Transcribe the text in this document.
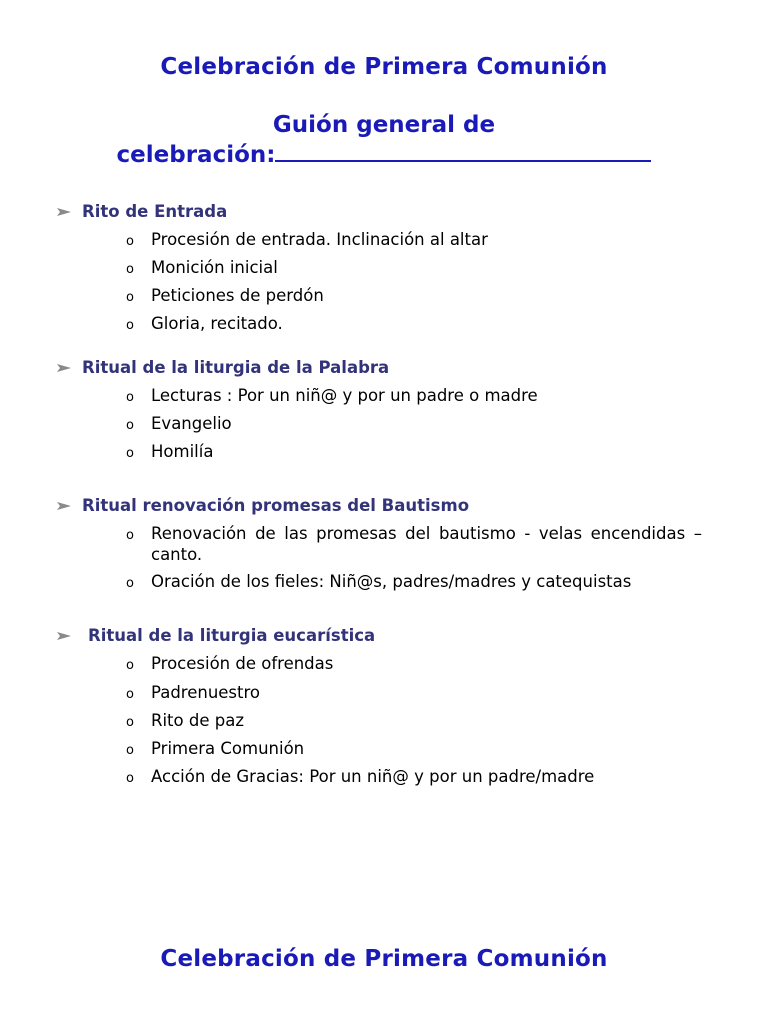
Celebración de Primera Comunión
Guión general de
celebración:
Rito de Entrada
o	Procesión de entrada. Inclinación al altar
o	Monición inicial
o	Peticiones de perdón
o	Gloria, recitado.
Ritual de la liturgia de la Palabra
o	Lecturas : Por un niñ@ y por un padre o madre
o	Evangelio
o	Homilía
Ritual renovación promesas del Bautismo
o	Renovación de las promesas del bautismo - velas encendidas – canto.
o	Oración de los fieles: Niñ@s, padres/madres y catequistas
Ritual de la liturgia eucarística
o	Procesión de ofrendas
o	Padrenuestro
o	Rito de paz
o	Primera Comunión
o	Acción de Gracias: Por un niñ@ y por un padre/madre
Celebración de Primera Comunión
